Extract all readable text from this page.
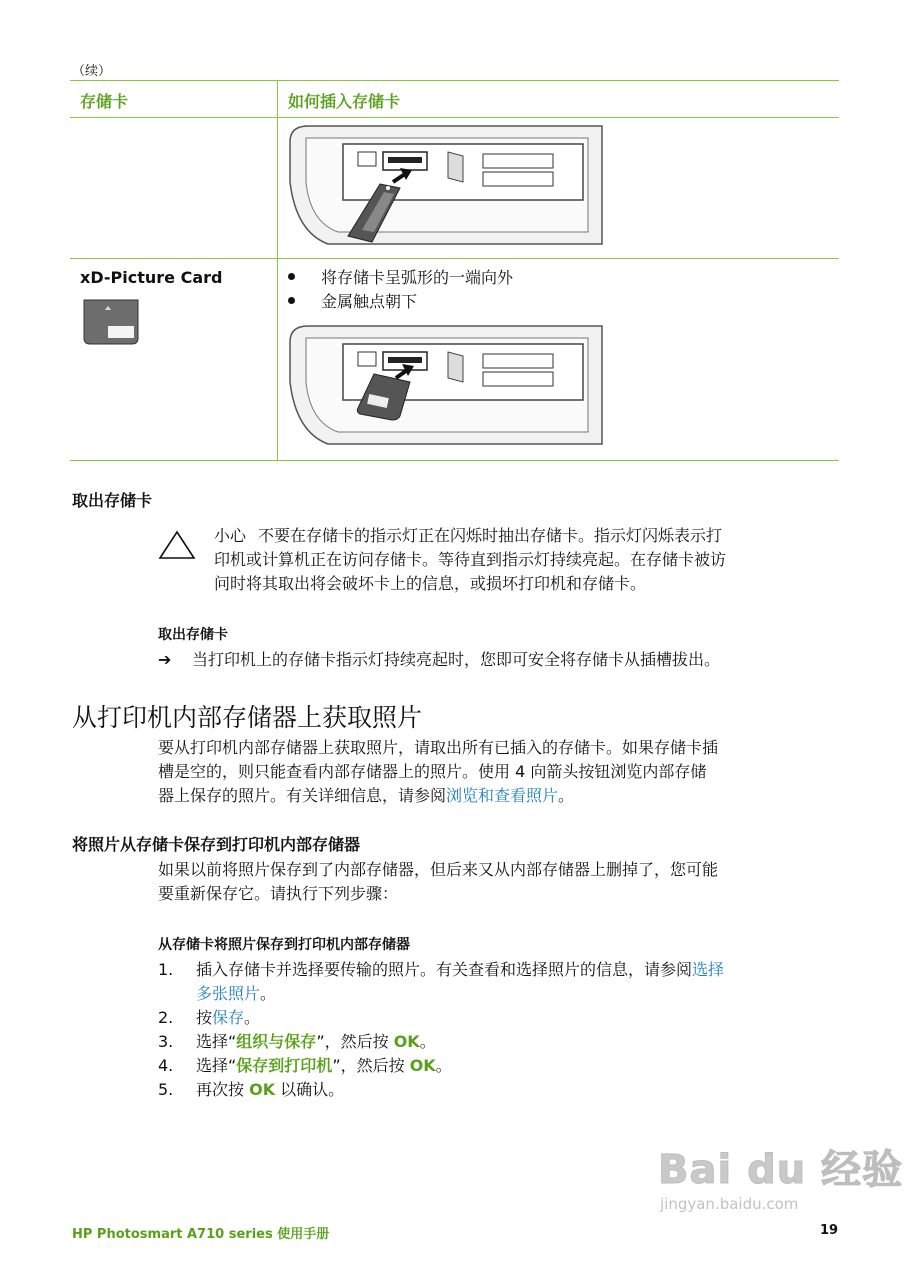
（续）
存储卡	如何插入存储卡
xD-Picture Card	将存储卡呈弧形的一端向外
金属触点朝下
取出存储卡
小心 不要在存储卡的指示灯正在闪烁时抽出存储卡。指示灯闪烁表示打
印机或计算机正在访问存储卡。等待直到指示灯持续亮起。在存储卡被访
问时将其取出将会破坏卡上的信息，或损坏打印机和存储卡。
取出存储卡
➔ 当打印机上的存储卡指示灯持续亮起时，您即可安全将存储卡从插槽拔出。
从打印机内部存储器上获取照片
要从打印机内部存储器上获取照片，请取出所有已插入的存储卡。如果存储卡插
槽是空的，则只能查看内部存储器上的照片。使用 4 向箭头按钮浏览内部存储
器上保存的照片。有关详细信息，请参阅浏览和查看照片。
将照片从存储卡保存到打印机内部存储器
如果以前将照片保存到了内部存储器，但后来又从内部存储器上删掉了，您可能
要重新保存它。请执行下列步骤：
从存储卡将照片保存到打印机内部存储器
1. 插入存储卡并选择要传输的照片。有关查看和选择照片的信息，请参阅选择
多张照片。
2. 按保存。
3. 选择“组织与保存”，然后按 OK。
4. 选择“保存到打印机”，然后按 OK。
5. 再次按 OK 以确认。
Bai du 经验
jingyan.baidu.com
HP Photosmart A710 series 使用手册	19
